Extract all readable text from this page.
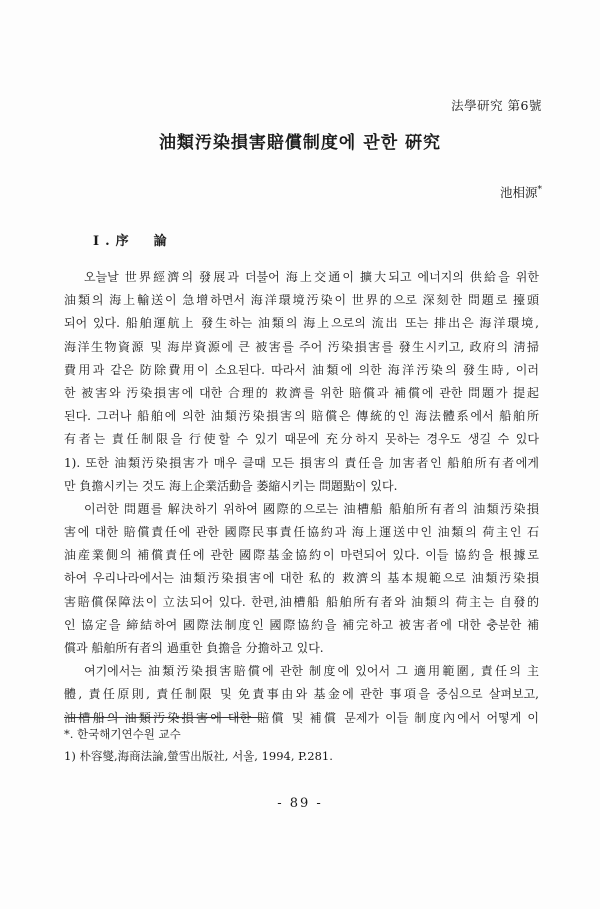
法學研究 第6號
油類汚染損害賠償制度에 관한 硏究
池相源*
Ⅰ.序　論

오늘날 世界經濟의 發展과 더불어 海上交通이 擴大되고 에너지의 供給을 위한

油類의 海上輸送이 急增하면서 海洋環境汚染이 世界的으로 深刻한 問題로 擡頭

되어 있다. 船舶運航上 發生하는 油類의 海上으로의 流出 또는 排出은 海洋環境,

海洋生物資源 및 海岸資源에 큰 被害를 주어 汚染損害를 發生시키고, 政府의 淸掃

費用과 같은 防除費用이 소요된다. 따라서 油類에 의한 海洋汚染의 發生時, 이러

한 被害와 汚染損害에 대한 合理的 救濟를 위한 賠償과 補償에 관한 問題가 提起

된다. 그러나 船舶에 의한 油類汚染損害의 賠償은 傳統的인 海法體系에서 船舶所

有者는 責任制限을 行使할 수 있기 때문에 充分하지 못하는 경우도 생길 수 있다

1). 또한 油類汚染損害가 매우 클때 모든 損害의 責任을 加害者인 船舶所有者에게

만 負擔시키는 것도 海上企業活動을 萎縮시키는 問題點이 있다.

이러한 問題를 解決하기 위하여 國際的으로는 油槽船 船舶所有者의 油類汚染損

害에 대한 賠償責任에 관한 國際民事責任協約과 海上運送中인 油類의 荷主인 石

油産業側의 補償責任에 관한 國際基金協約이 마련되어 있다. 이들 協約을 根據로

하여 우리나라에서는 油類汚染損害에 대한 私的 救濟의 基本規範으로 油類汚染損

害賠償保障法이 立法되어 있다. 한편,油槽船 船舶所有者와 油類의 荷主는 自發的

인 協定을 締結하여 國際法制度인 國際協約을 補完하고 被害者에 대한 충분한 補

償과 船舶所有者의 過重한 負擔을 分擔하고 있다.

여기에서는 油類汚染損害賠償에 관한 制度에 있어서 그 適用範圍, 責任의 主

體, 責任原則, 責任制限 및 免責事由와 基金에 관한 事項을 중심으로 살펴보고,

油槽船의 油類汚染損害에 대한 賠償 및 補償 문제가 이들 制度內에서 어떻게 이

*. 한국해기연수원 교수
1) 朴容燮,海商法論,螢雪出版社, 서울, 1994, P.281.
- 89 -
